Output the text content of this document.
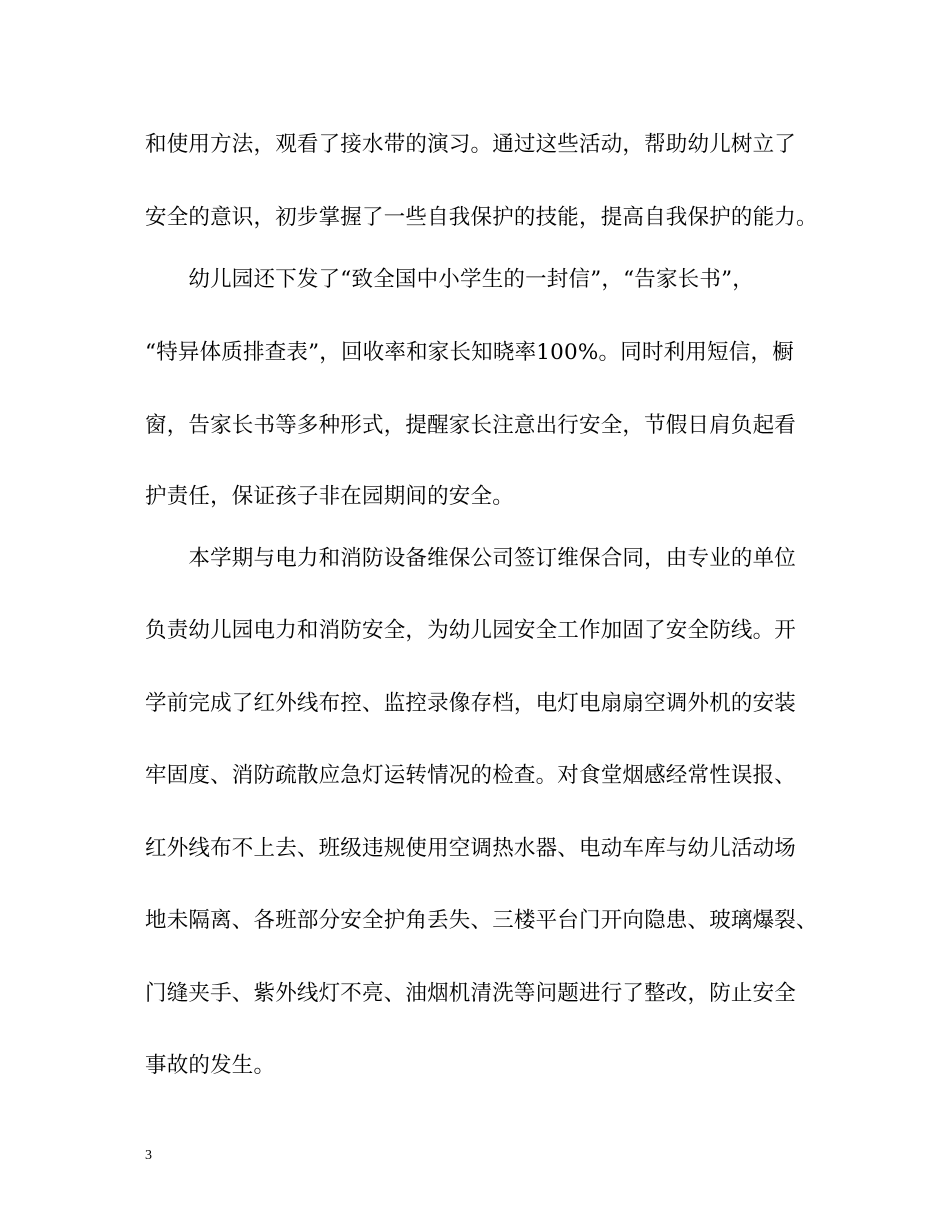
和使用方法，观看了接水带的演习。通过这些活动，帮助幼儿树立了
安全的意识，初步掌握了一些自我保护的技能，提高自我保护的能力。
　　幼儿园还下发了“致全国中小学生的一封信”，“告家长书”，
“特异体质排查表”，回收率和家长知晓率100%。同时利用短信，橱
窗，告家长书等多种形式，提醒家长注意出行安全，节假日肩负起看
护责任，保证孩子非在园期间的安全。
　　本学期与电力和消防设备维保公司签订维保合同，由专业的单位
负责幼儿园电力和消防安全，为幼儿园安全工作加固了安全防线。开
学前完成了红外线布控、监控录像存档，电灯电扇扇空调外机的安装
牢固度、消防疏散应急灯运转情况的检查。对食堂烟感经常性误报、
红外线布不上去、班级违规使用空调热水器、电动车库与幼儿活动场
地未隔离、各班部分安全护角丢失、三楼平台门开向隐患、玻璃爆裂、
门缝夹手、紫外线灯不亮、油烟机清洗等问题进行了整改，防止安全
事故的发生。
3
